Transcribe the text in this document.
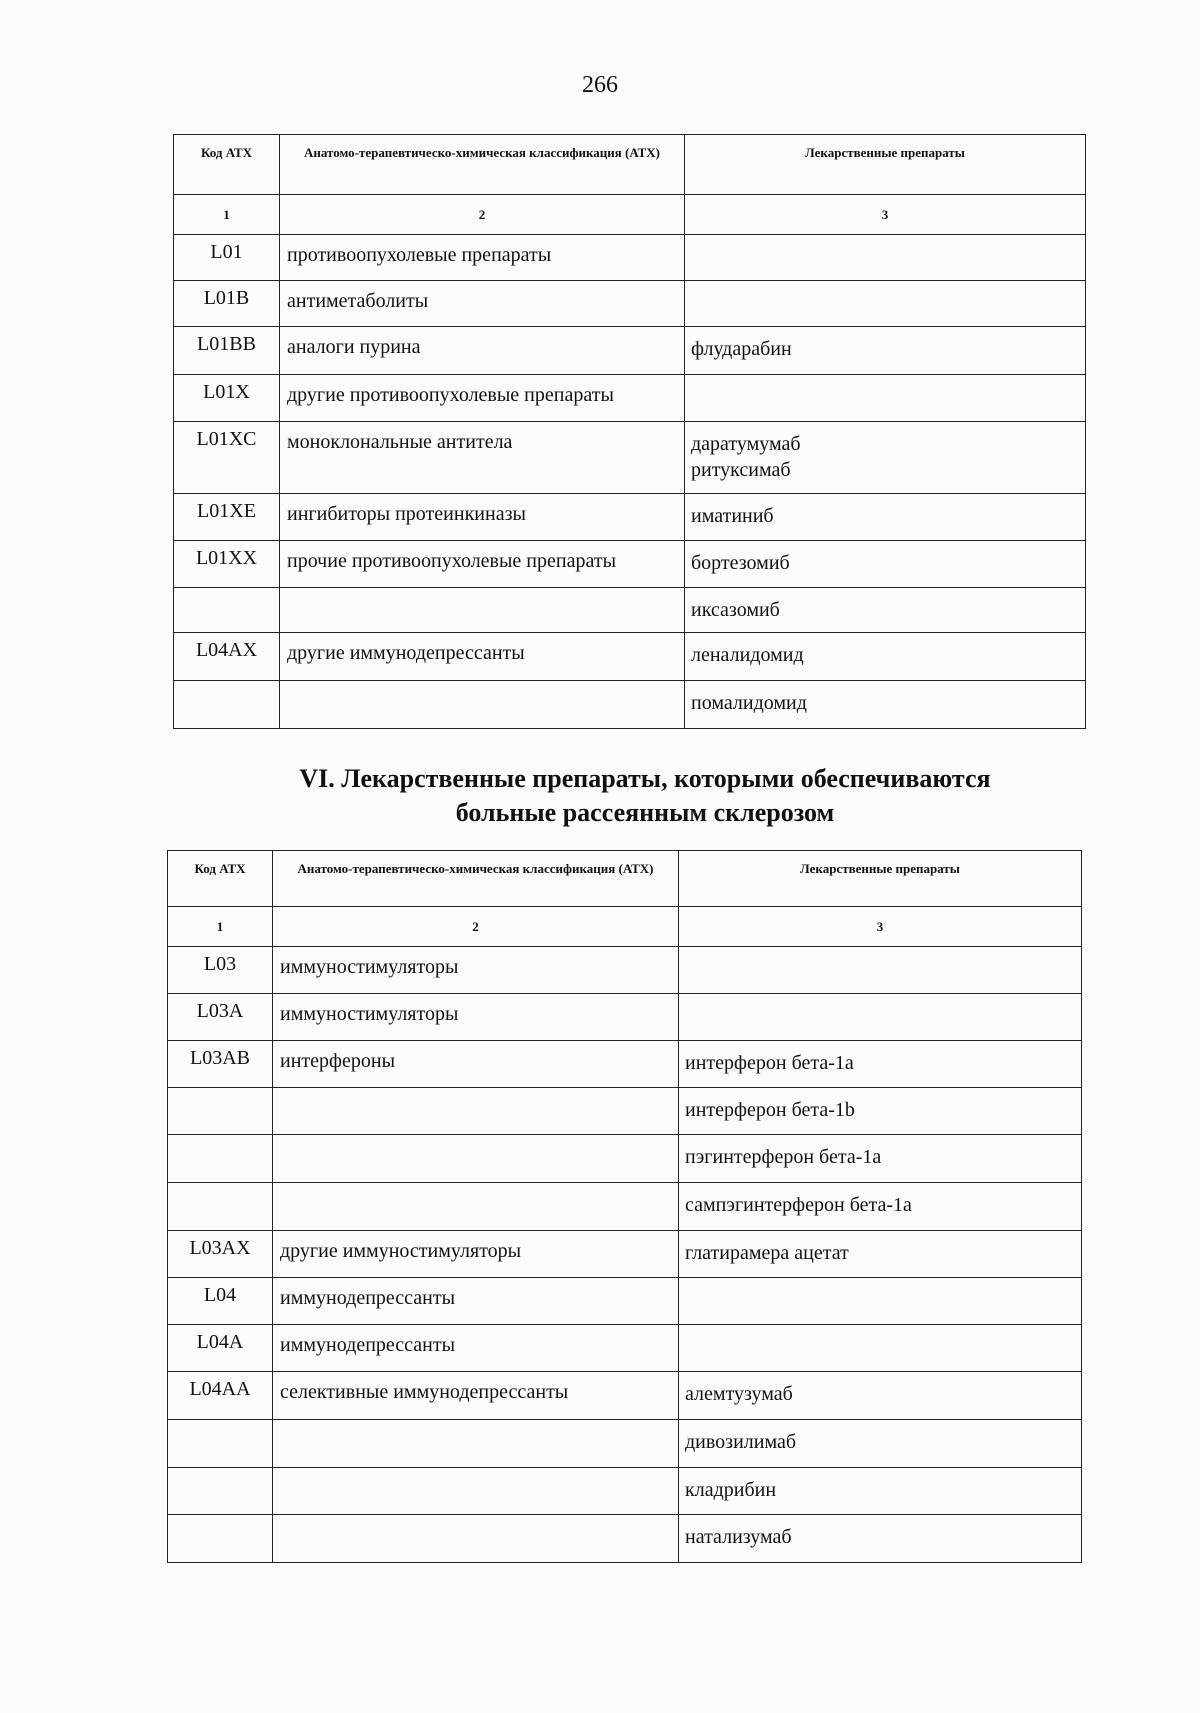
266
Код АТХ	Анатомо-терапевтическо-химическая классификация (АТХ)	Лекарственные препараты
1	2	3
L01	противоопухолевые препараты	

L01B	антиметаболиты	

L01BB	аналоги пурина	флударабин

L01X	другие противоопухолевые препараты	

L01XC	моноклональные антитела	даратумумаб
ритуксимаб

L01XE	ингибиторы протеинкиназы	иматиниб

L01XX	прочие противоопухолевые препараты	бортезомиб

		иксазомиб

L04AX	другие иммунодепрессанты	леналидомид

		помалидомид
VI. Лекарственные препараты, которыми обеспечиваются
больные рассеянным склерозом
Код АТХ	Анатомо-терапевтическо-химическая классификация (АТХ)	Лекарственные препараты
1	2	3
L03	иммуностимуляторы	

L03A	иммуностимуляторы	

L03AB	интерфероны	интерферон бета-1a

		интерферон бета-1b

		пэгинтерферон бета-1a

		сампэгинтерферон бета-1a

L03AX	другие иммуностимуляторы	глатирамера ацетат

L04	иммунодепрессанты	

L04A	иммунодепрессанты	

L04AA	селективные иммунодепрессанты	алемтузумаб

		дивозилимаб

		кладрибин

		натализумаб
